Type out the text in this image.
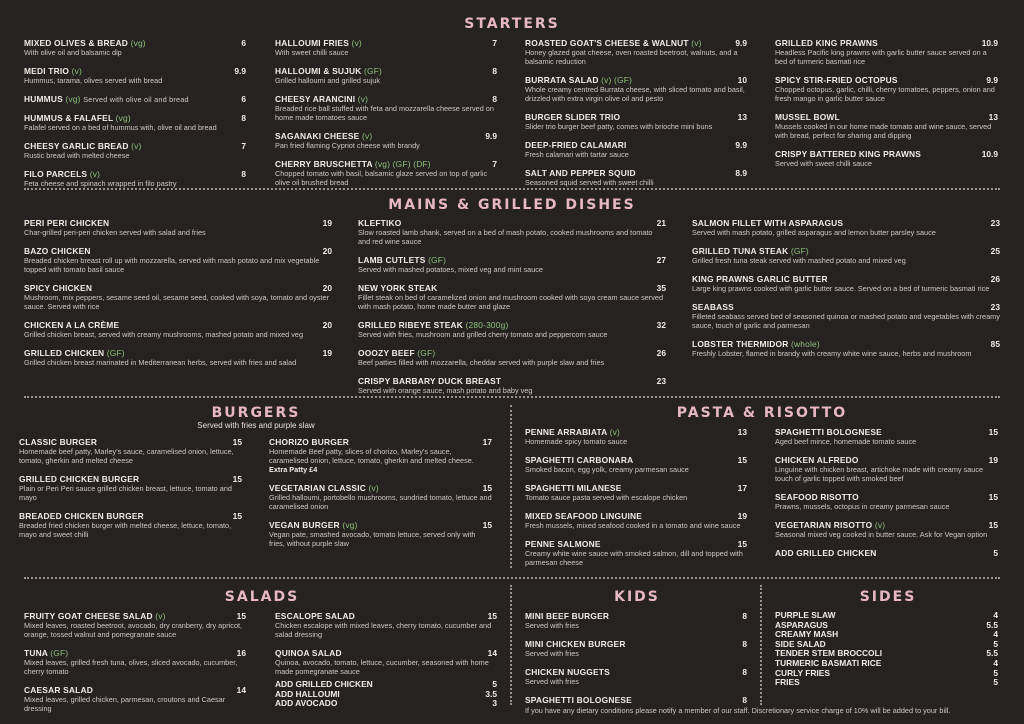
STARTERS
MIXED OLIVES & BREAD (vg)	6
With olive oil and balsamic dip
MEDI TRIO (v)	9.9
Hummus, tarama, olives served with bread
HUMMUS (vg) Served with olive oil and bread	6
HUMMUS & FALAFEL (vg)	8
Falafel served on a bed of hummus with, olive oil and bread
CHEESY GARLIC BREAD (v)	7
Rustic bread with melted cheese
FILO PARCELS (v)	8
Feta cheese and spinach wrapped in filo pastry
HALLOUMI FRIES (v)	7
With sweet chilli sauce
HALLOUMI & SUJUK (GF)	8
Grilled halloumi and grilled sujuk
CHEESY ARANCINI (v)	8
Breaded rice ball stuffed with feta and mozzarella cheese served on home made tomatoes sauce
SAGANAKI CHEESE (v)	9.9
Pan fried flaming Cypriot cheese with brandy
CHERRY BRUSCHETTA (vg) (GF) (DF)	7
Chopped tomato with basil, balsamic glaze served on top of garlic olive oil brushed bread
ROASTED GOAT'S CHEESE & WALNUT (v)	9.9
Honey glazed goat cheese, oven roasted beetroot, walnuts, and a balsamic reduction
BURRATA SALAD (v) (GF)	10
Whole creamy centred Burrata cheese, with sliced tomato and basil, drizzled with extra virgin olive oil and pesto
BURGER SLIDER TRIO	13
Slider trio burger beef patty, comes with brioche mini buns
DEEP-FRIED CALAMARI	9.9
Fresh calamari with tartar sauce
SALT AND PEPPER SQUID	8.9
Seasoned squid served with sweet chilli
GRILLED KING PRAWNS	10.9
Headless Pacific king prawns with garlic butter sauce served on a bed of turmeric basmati rice
SPICY STIR-FRIED OCTOPUS	9.9
Chopped octopus, garlic, chilli, cherry tomatoes, peppers, onion and fresh mango in garlic butter sauce
MUSSEL BOWL	13
Mussels cooked in our home made tomato and wine sauce, served with bread, perfect for sharing and dipping
CRISPY BATTERED KING PRAWNS	10.9
Served with sweet chilli sauce
MAINS & GRILLED DISHES
PERI PERI CHICKEN	19
Char-grilled peri-peri chicken served with salad and fries
BAZO CHICKEN	20
Breaded chicken breast roll up with mozzarella, served with mash potato and mix vegetable topped with tomato basil sauce
SPICY CHICKEN	20
Mushroom, mix peppers, sesame seed oil, sesame seed, cooked with soya, tomato and oyster sauce. Served with rice
CHICKEN A LA CRÈME	20
Grilled chicken breast, served with creamy mushrooms, mashed potato and mixed veg
GRILLED CHICKEN (GF)	19
Grilled chicken breast marinated in Mediterranean herbs, served with fries and salad
KLEFTIKO	21
Slow roasted lamb shank, served on a bed of mash potato, cooked mushrooms and tomato and red wine sauce
LAMB CUTLETS (GF)	27
Served with mashed potatoes, mixed veg and mint sauce
NEW YORK STEAK	35
Fillet steak on bed of caramelized onion and mushroom cooked with soya cream sauce served with mash potato, home made butter and glaze
GRILLED RIBEYE STEAK (280-300g)	32
Served with fries, mushroom and grilled cherry tomato and peppercorn sauce
OOOZY BEEF (GF)	26
Beef patties filled with mozzarella, cheddar served with purple slaw and fries
CRISPY BARBARY DUCK BREAST	23
Served with orange sauce, mash potato and baby veg
SALMON FILLET WITH ASPARAGUS	23
Served with mash potato, grilled asparagus and lemon butter parsley sauce
GRILLED TUNA STEAK (GF)	25
Grilled fresh tuna steak served with mashed potato and mixed veg
KING PRAWNS GARLIC BUTTER	26
Large king prawns cooked with garlic butter sauce. Served on a bed of turmeric basmati rice
SEABASS	23
Filleted seabass served bed of seasoned quinoa or mashed potato and vegetables with creamy sauce, touch of garlic and parmesan
LOBSTER THERMIDOR (whole)	85
Freshly Lobster, flamed in brandy with creamy white wine sauce, herbs and mushroom
BURGERS
Served with fries and purple slaw
CLASSIC BURGER	15
Homemade beef patty, Marley's sauce, caramelised onion, lettuce, tomato, gherkin and melted cheese
GRILLED CHICKEN BURGER	15
Plain or Peri Peri sauce grilled chicken breast, lettuce, tomato and mayo
BREADED CHICKEN BURGER	15
Breaded fried chicken burger with melted cheese, lettuce, tomato, mayo and sweet chilli
CHORIZO BURGER	17
Homemade Beef patty, slices of chorizo, Marley's sauce, caramelised onion, lettuce, tomato, gherkin and melted cheese. Extra Patty £4
VEGETARIAN CLASSIC (v)	15
Grilled halloumi, portobello mushrooms, sundried tomato, lettuce and caramelised onion
VEGAN BURGER (vg)	15
Vegan pate, smashed avocado, tomato lettuce, served only with fries, without purple slaw
PASTA & RISOTTO
PENNE ARRABIATA (v)	13
Homemade spicy tomato sauce
SPAGHETTI CARBONARA	15
Smoked bacon, egg yolk, creamy parmesan sauce
SPAGHETTI MILANESE	17
Tomato sauce pasta served with escalope chicken
MIXED SEAFOOD LINGUINE	19
Fresh mussels, mixed seafood cooked in a tomato and wine sauce
PENNE SALMONE	15
Creamy white wine sauce with smoked salmon, dill and topped with parmesan cheese
SPAGHETTI BOLOGNESE	15
Aged beef mince, homemade tomato sauce
CHICKEN ALFREDO	19
Linguine with chicken breast, artichoke made with creamy sauce touch of garlic topped with smoked beef
SEAFOOD RISOTTO	15
Prawns, mussels, octopus in creamy parmesan sauce
VEGETARIAN RISOTTO (v)	15
Seasonal mixed veg cooked in butter sauce. Ask for Vegan option
ADD GRILLED CHICKEN	5
SALADS
FRUITY GOAT CHEESE SALAD (v)	15
Mixed leaves, roasted beetroot, avocado, dry cranberry, dry apricot, orange, tossed walnut and pomegranate sauce
TUNA (GF)	16
Mixed leaves, grilled fresh tuna, olives, sliced avocado, cucumber, cherry tomato
CAESAR SALAD	14
Mixed leaves, grilled chicken, parmesan, croutons and Caesar dressing
ESCALOPE SALAD	15
Chicken escalope with mixed leaves, cherry tomato, cucumber and salad dressing
QUINOA SALAD	14
Quinoa, avocado, tomato, lettuce, cucumber, seasoned with home made pomegranate sauce
ADD GRILLED CHICKEN	5
ADD HALLOUMI	3.5
ADD AVOCADO	3
KIDS
MINI BEEF BURGER	8
Served with fries
MINI CHICKEN BURGER	8
Served with fries
CHICKEN NUGGETS	8
Served with fries
SPAGHETTI BOLOGNESE	8
SIDES
PURPLE SLAW	4
ASPARAGUS	5.5
CREAMY MASH	4
SIDE SALAD	5
TENDER STEM BROCCOLI	5.5
TURMERIC BASMATI RICE	4
CURLY FRIES	5
FRIES	5
If you have any dietary conditions please notify a member of our staff. Discretionary service charge of 10% will be added to your bill.
